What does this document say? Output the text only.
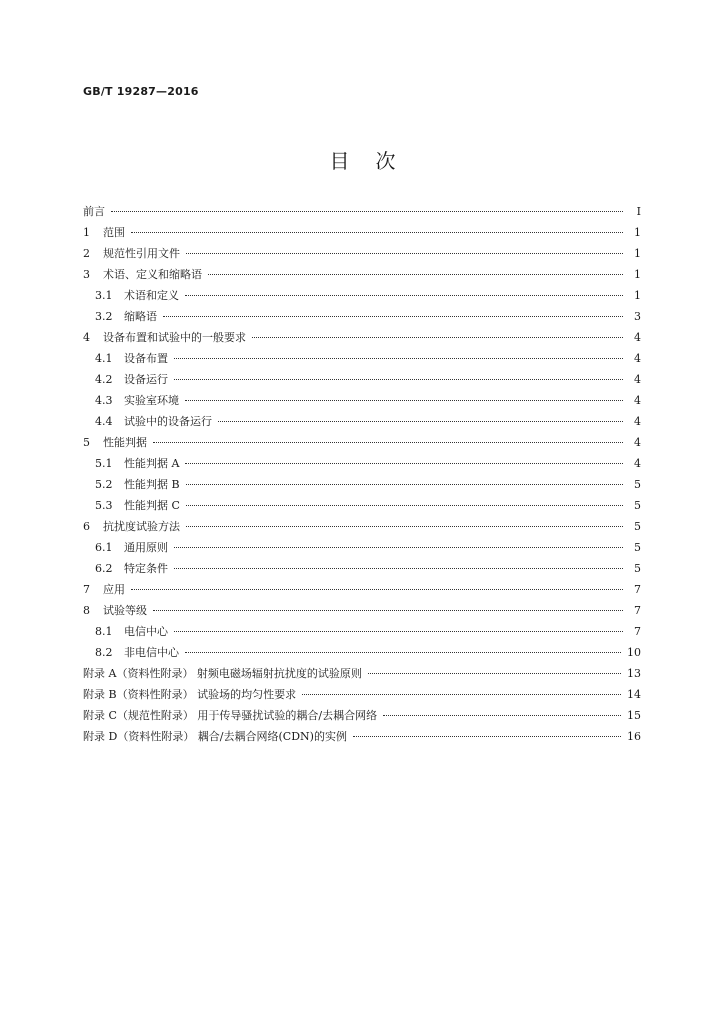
GB/T 19287—2016
目次
前言	Ⅰ
1	范围	1
2	规范性引用文件	1
3	术语、定义和缩略语	1
3.1	术语和定义	1
3.2	缩略语	3
4	设备布置和试验中的一般要求	4
4.1	设备布置	4
4.2	设备运行	4
4.3	实验室环境	4
4.4	试验中的设备运行	4
5	性能判据	4
5.1	性能判据 A	4
5.2	性能判据 B	5
5.3	性能判据 C	5
6	抗扰度试验方法	5
6.1	通用原则	5
6.2	特定条件	5
7	应用	7
8	试验等级	7
8.1	电信中心	7
8.2	非电信中心	10
附录 A（资料性附录） 射频电磁场辐射抗扰度的试验原则	13
附录 B（资料性附录） 试验场的均匀性要求	14
附录 C（规范性附录） 用于传导骚扰试验的耦合/去耦合网络	15
附录 D（资料性附录） 耦合/去耦合网络(CDN)的实例	16
